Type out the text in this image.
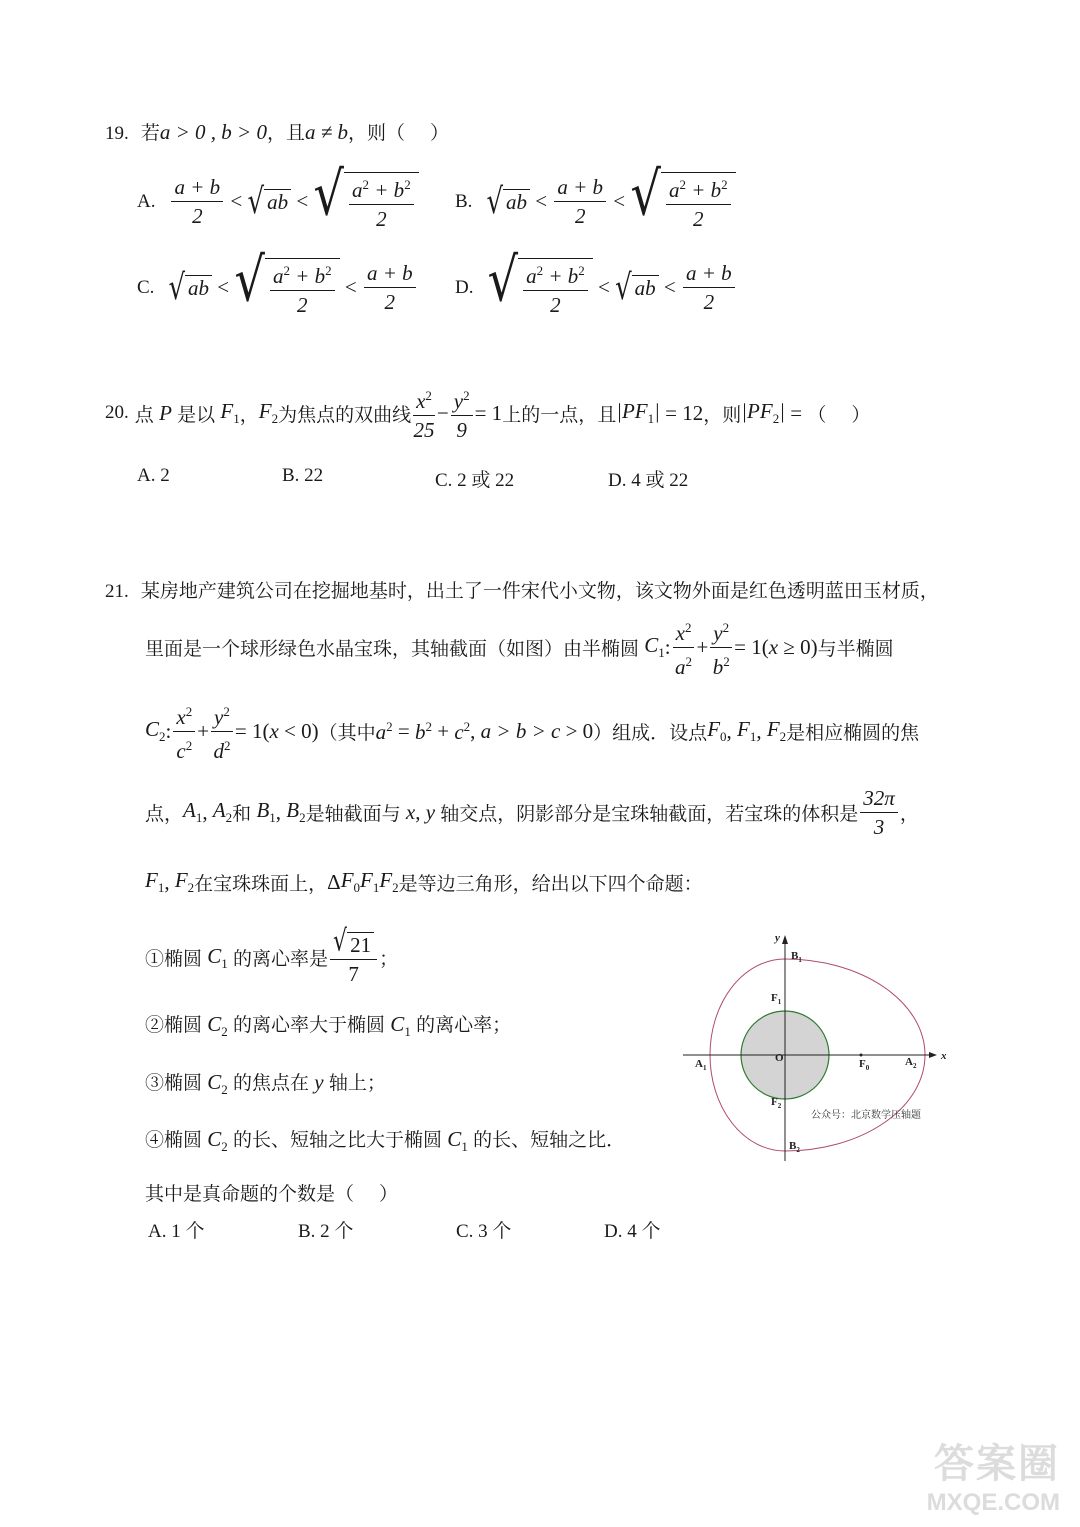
19. 若a > 0 , b > 0，且a ≠ b，则（　 ）
A. $\frac{a + b}{2}$ < √ ab < √ $\frac{a^2 + b^2}{2} B$. √ ab < $\frac{a + b}{2}$ < √ $\frac{a^2 + b^2}{2}$
C. √ ab < √ $\frac{a^2 + b^2}{2} < \frac{a + b}{2} D$. √ $\frac{a^2 + b^2}{2}$ < √ ab < $\frac{a + b}{2}$
20.
点 P 是以 $F_1$ ， $F_2$ 为焦点的双曲线 $\frac{x^2}{25} - \frac{y^2}{9} = 1$ 上的一点，且 $|PF_1| = 12$ ，则 $|PF_2|$ = （　 ）
A. 2	B. 22	C. 2 或 22	D. 4 或 22
21. 某房地产建筑公司在挖掘地基时，出土了一件宋代小文物，该文物外面是红色透明蓝田玉材质，
里面是一个球形绿色水晶宝珠，其轴截面（如图）由半椭圆 $C_1$ : $\frac{x^2}{a^2} + \frac{y^2}{b^2} = 1$ ( x ≥ 0) 与半椭圆
$C_2$ : $\frac{x^2}{c^2} + \frac{y^2}{d^2} = 1$ ( x < 0) （其中 $a^2 = b^2 + c^2$ , a > b > c > 0 ）组成．设点 $F_0$ , $F_1$ , $F_2$ 是相应椭圆的焦
点， $A_1$ , $A_2$ 和 $B_1$ , $B_2$ 是轴截面与 x , y 轴交点，阴影部分是宝珠轴截面，若宝珠的体积是 $\frac{32\pi}{3}$ ，
$F_1$ , $F_2$ 在宝珠珠面上， Δ $F_0F_1F_2$ 是等边三角形，给出以下四个命题：
①椭圆 $C_1$ 的离心率是 $\frac{√ 21}{7}$ ；
②椭圆 $C_2$ 的离心率大于椭圆 $C_1$ 的离心率；
③椭圆 $C_2$ 的焦点在 y 轴上；
④椭圆 $C_2$ 的长、短轴之比大于椭圆 $C_1$ 的长、短轴之比．
其中是真命题的个数是（　 ）
A. 1 个	B. 2 个	C. 3 个	D. 4 个
y
x
$B_1$
$F_1$
O	$F_0$
$A_1$	$A_2$
$F_2$
$B_2$
公众号：北京数学压轴题
答案圈
MXQE.COM
